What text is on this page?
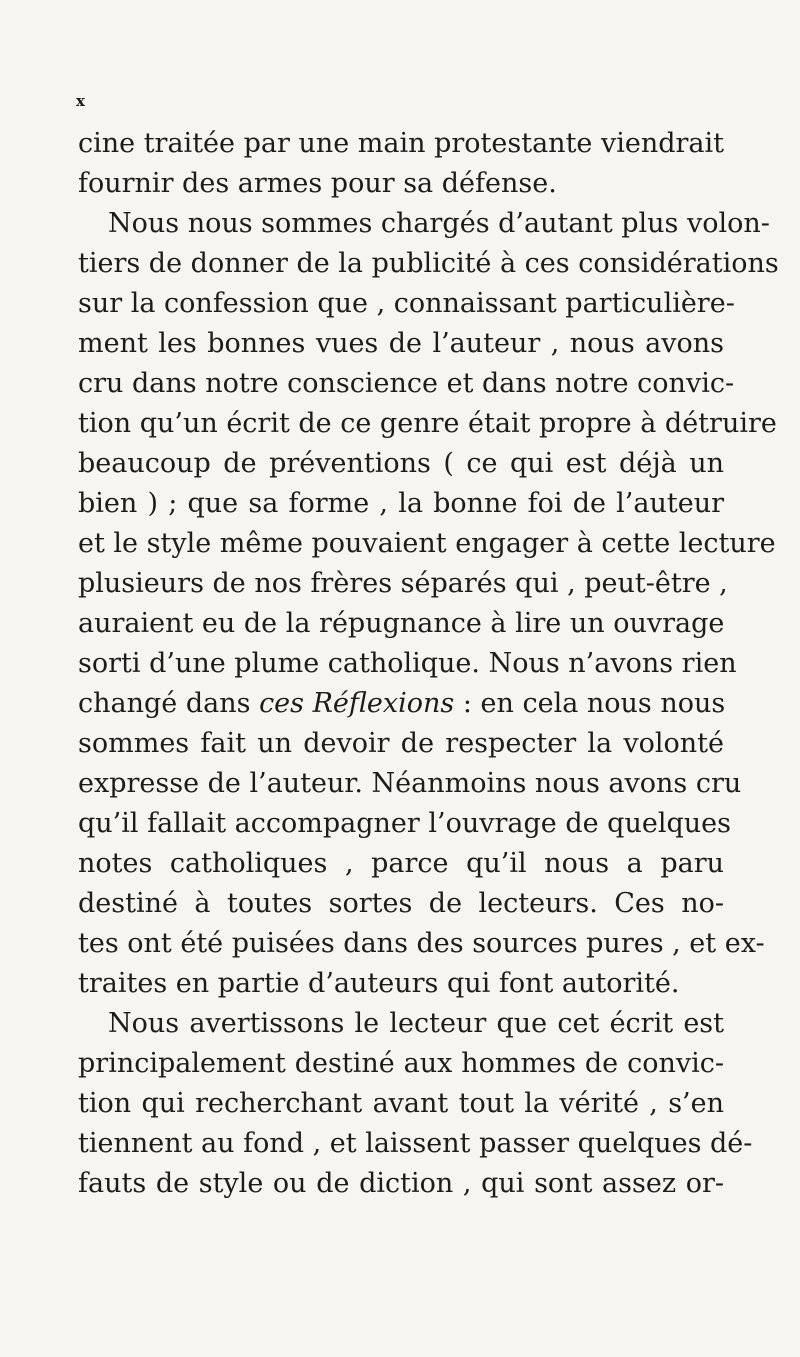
x
cine traitée par une main protestante viendrait
fournir des armes pour sa défense.
Nous nous sommes chargés d’autant plus volon-
tiers de donner de la publicité à ces considérations
sur la confession que , connaissant particulière-
ment les bonnes vues de l’auteur , nous avons
cru dans notre conscience et dans notre convic-
tion qu’un écrit de ce genre était propre à détruire
beaucoup de préventions ( ce qui est déjà un
bien ) ; que sa forme , la bonne foi de l’auteur
et le style même pouvaient engager à cette lecture
plusieurs de nos frères séparés qui , peut-être ,
auraient eu de la répugnance à lire un ouvrage
sorti d’une plume catholique. Nous n’avons rien
changé dans ces Réflexions : en cela nous nous
sommes fait un devoir de respecter la volonté
expresse de l’auteur. Néanmoins nous avons cru
qu’il fallait accompagner l’ouvrage de quelques
notes catholiques , parce qu’il nous a paru
destiné à toutes sortes de lecteurs. Ces no-
tes ont été puisées dans des sources pures , et ex-
traites en partie d’auteurs qui font autorité.
Nous avertissons le lecteur que cet écrit est
principalement destiné aux hommes de convic-
tion qui recherchant avant tout la vérité , s’en
tiennent au fond , et laissent passer quelques dé-
fauts de style ou de diction , qui sont assez or-
